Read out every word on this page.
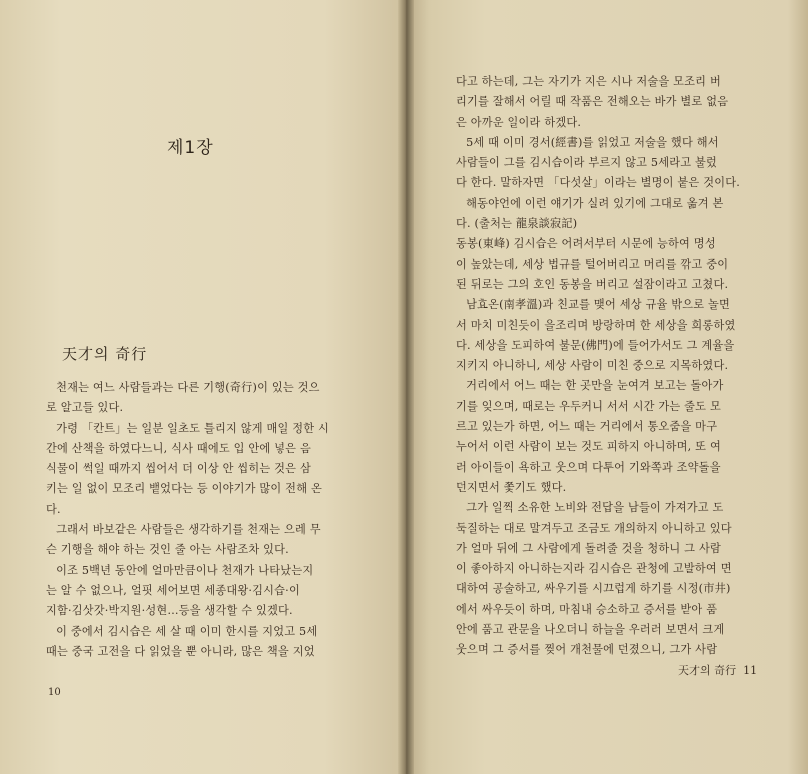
제1장
天才의 奇行

천재는 여느 사람들과는 다른 기행(奇行)이 있는 것으

로 알고들 있다.

가령 「칸트」는 일분 일초도 틀리지 않게 매일 정한 시

간에 산책을 하였다느니, 식사 때에도 입 안에 넣은 음

식물이 썩일 때까지 씹어서 더 이상 안 씹히는 것은 삼

키는 일 없이 모조리 뱉었다는 등 이야기가 많이 전해 온

다.

그래서 바보같은 사람들은 생각하기를 천재는 으레 무

슨 기행을 해야 하는 것인 줄 아는 사람조차 있다.

이조 5백년 동안에 얼마만큼이나 천재가 나타났는지

는 알 수 없으나, 얼핏 세어보면 세종대왕·김시습·이

지함·김삿갓·박지원·성현…등을 생각할 수 있겠다.

이 중에서 김시습은 세 살 때 이미 한시를 지었고 5세

때는 중국 고전을 다 읽었을 뿐 아니라, 많은 책을 지었

10

다고 하는데, 그는 자기가 지은 시나 저술을 모조리 버

리기를 잘해서 어릴 때 작품은 전해오는 바가 별로 없음

은 아까운 일이라 하겠다.

5세 때 이미 경서(經書)를 읽었고 저술을 했다 해서

사람들이 그를 김시습이라 부르지 않고 5세라고 불렀

다 한다. 말하자면 「다섯살」이라는 별명이 붙은 것이다.

해동야언에 이런 얘기가 실려 있기에 그대로 옮겨 본

다. (출처는 龍泉談寂記)

동봉(東峰) 김시습은 어려서부터 시문에 능하여 명성

이 높았는데, 세상 법규를 털어버리고 머리를 깎고 중이

된 뒤로는 그의 호인 동봉을 버리고 설잠이라고 고쳤다.

남효온(南孝溫)과 친교를 맺어 세상 규율 밖으로 놀면

서 마치 미친듯이 을조리며 방랑하며 한 세상을 희롱하였

다. 세상을 도피하여 불문(佛門)에 들어가서도 그 계율을

지키지 아니하니, 세상 사람이 미친 중으로 지목하였다.

거리에서 어느 때는 한 곳만을 눈여겨 보고는 돌아가

기를 잊으며, 때로는 우두커니 서서 시간 가는 줄도 모

르고 있는가 하면, 어느 때는 거리에서 통오줌을 마구

누어서 이런 사람이 보는 것도 피하지 아니하며, 또 여

러 아이들이 욕하고 웃으며 다투어 기와쪽과 조약돌을

던지면서 쫓기도 했다.

그가 일찍 소유한 노비와 전답을 남들이 가져가고 도

둑질하는 대로 말겨두고 조금도 개의하지 아니하고 있다

가 얼마 뒤에 그 사람에게 돌려줄 것을 청하니 그 사람

이 좋아하지 아니하는지라 김시습은 관청에 고발하여 면

대하여 공술하고, 싸우기를 시끄럽게 하기를 시정(市井)

에서 싸우듯이 하며, 마침내 승소하고 증서를 받아 품

안에 품고 관문을 나오더니 하늘을 우러러 보면서 크게

웃으며 그 증서를 찢어 개천물에 던졌으니, 그가 사람

天才의 奇行 11
